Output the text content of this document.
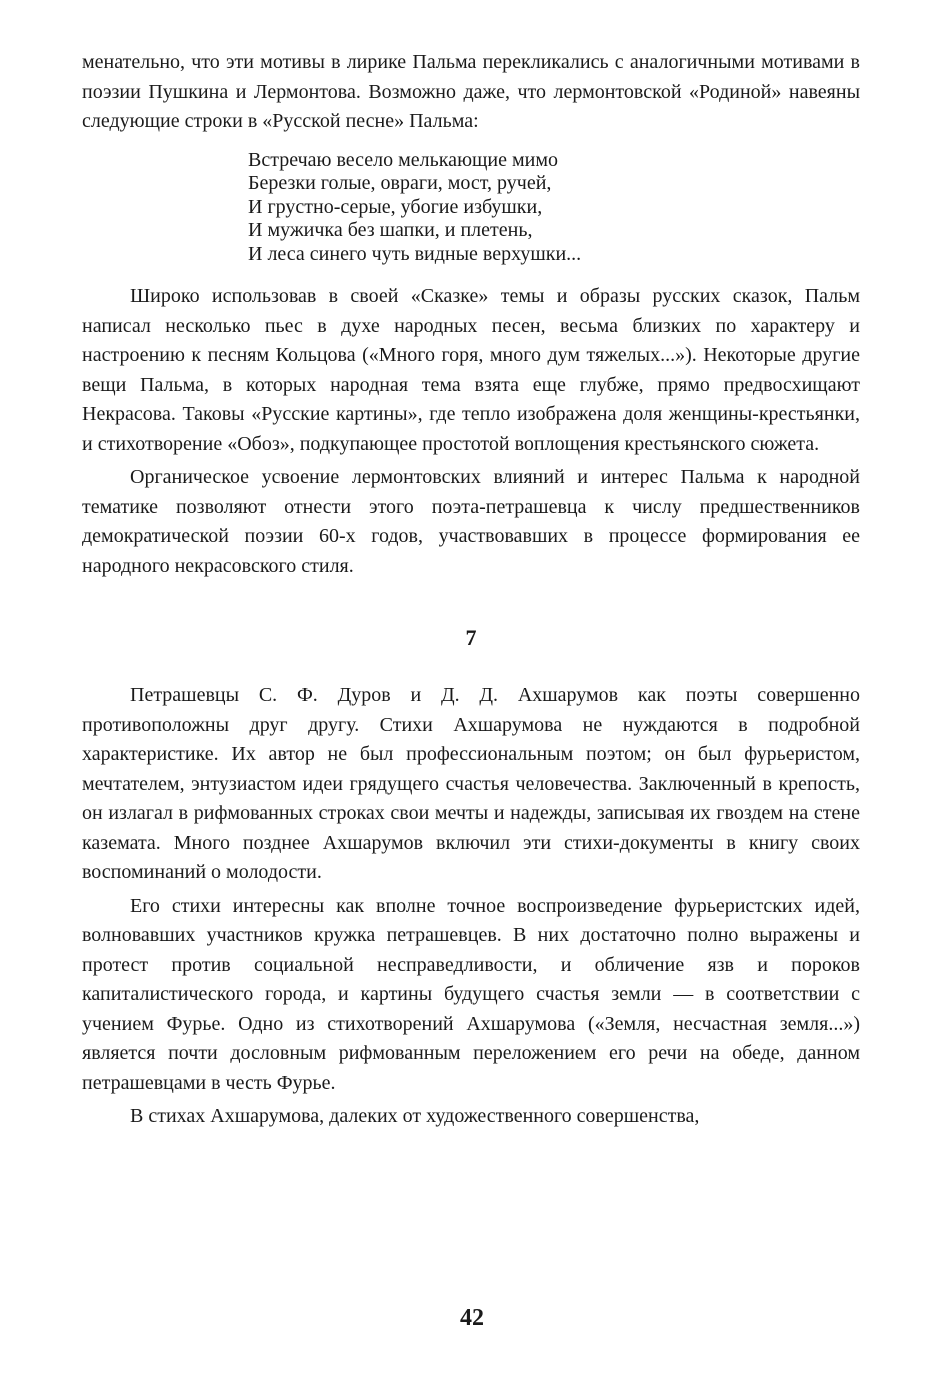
менательно, что эти мотивы в лирике Пальма перекликались с аналогичными мотивами в поэзии Пушкина и Лермонтова. Возможно даже, что лермонтовской «Родиной» навеяны следующие строки в «Русской песне» Пальма:

Встречаю весело мелькающие мимо
Березки голые, овраги, мост, ручей,
И грустно-серые, убогие избушки,
И мужичка без шапки, и плетень,
И леса синего чуть видные верхушки...

Широко использовав в своей «Сказке» темы и образы русских сказок, Пальм написал несколько пьес в духе народных песен, весьма близких по характеру и настроению к песням Кольцова («Много горя, много дум тяжелых...»). Некоторые другие вещи Пальма, в которых народная тема взята еще глубже, прямо предвосхищают Некрасова. Таковы «Русские картины», где тепло изображена доля женщины-крестьянки, и стихотворение «Обоз», подкупающее простотой воплощения крестьянского сюжета.

Органическое усвоение лермонтовских влияний и интерес Пальма к народной тематике позволяют отнести этого поэта-петрашевца к числу предшественников демократической поэзии 60-х годов, участвовавших в процессе формирования ее народного некрасовского стиля.

7

Петрашевцы С. Ф. Дуров и Д. Д. Ахшарумов как поэты совершенно противоположны друг другу. Стихи Ахшарумова не нуждаются в подробной характеристике. Их автор не был профессиональным поэтом; он был фурьеристом, мечтателем, энтузиастом идеи грядущего счастья человечества. Заключенный в крепость, он излагал в рифмованных строках свои мечты и надежды, записывая их гвоздем на стене каземата. Много позднее Ахшарумов включил эти стихи-документы в книгу своих воспоминаний о молодости.

Его стихи интересны как вполне точное воспроизведение фурьеристских идей, волновавших участников кружка петрашевцев. В них достаточно полно выражены и протест против социальной несправедливости, и обличение язв и пороков капиталистического города, и картины будущего счастья земли — в соответствии с учением Фурье. Одно из стихотворений Ахшарумова («Земля, несчастная земля...») является почти дословным рифмованным переложением его речи на обеде, данном петрашевцами в честь Фурье.

В стихах Ахшарумова, далеких от художественного совершенства,

42
